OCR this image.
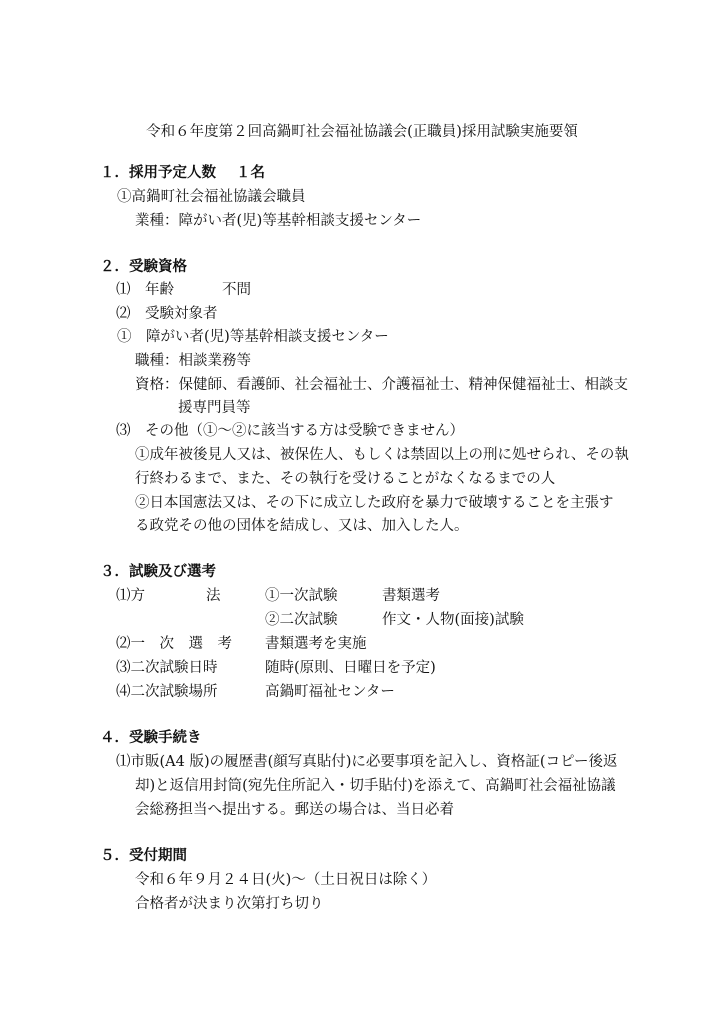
令和６年度第２回高鍋町社会福祉協議会(正職員)採用試験実施要領
１．採用予定人数 １名
①高鍋町社会福祉協議会職員
業種：障がい者(児)等基幹相談支援センター
２．受験資格
⑴　年齢	不問
⑵　受験対象者
①　障がい者(児)等基幹相談支援センター
職種：相談業務等
資格：保健師、看護師、社会福祉士、介護福祉士、精神保健福祉士、相談支
援専門員等
⑶　その他（①～②に該当する方は受験できません）
①成年被後見人又は、被保佐人、もしくは禁固以上の刑に処せられ、その執
行終わるまで、また、その執行を受けることがなくなるまでの人
②日本国憲法又は、その下に成立した政府を暴力で破壊することを主張す
る政党その他の団体を結成し、又は、加入した人。
３．試験及び選考
⑴方	法	①一次試験	書類選考
②二次試験	作文・人物(面接)試験
⑵一　次　選　考 書類選考を実施
⑶二次試験日時	随時(原則、日曜日を予定)
⑷二次試験場所	高鍋町福祉センター
４．受験手続き
⑴市販(A4 版)の履歴書(顔写真貼付)に必要事項を記入し、資格証(コピー後返
却)と返信用封筒(宛先住所記入・切手貼付)を添えて、高鍋町社会福祉協議
会総務担当へ提出する。郵送の場合は、当日必着
５．受付期間
令和６年９月２４日(火)～（土日祝日は除く）
合格者が決まり次第打ち切り
